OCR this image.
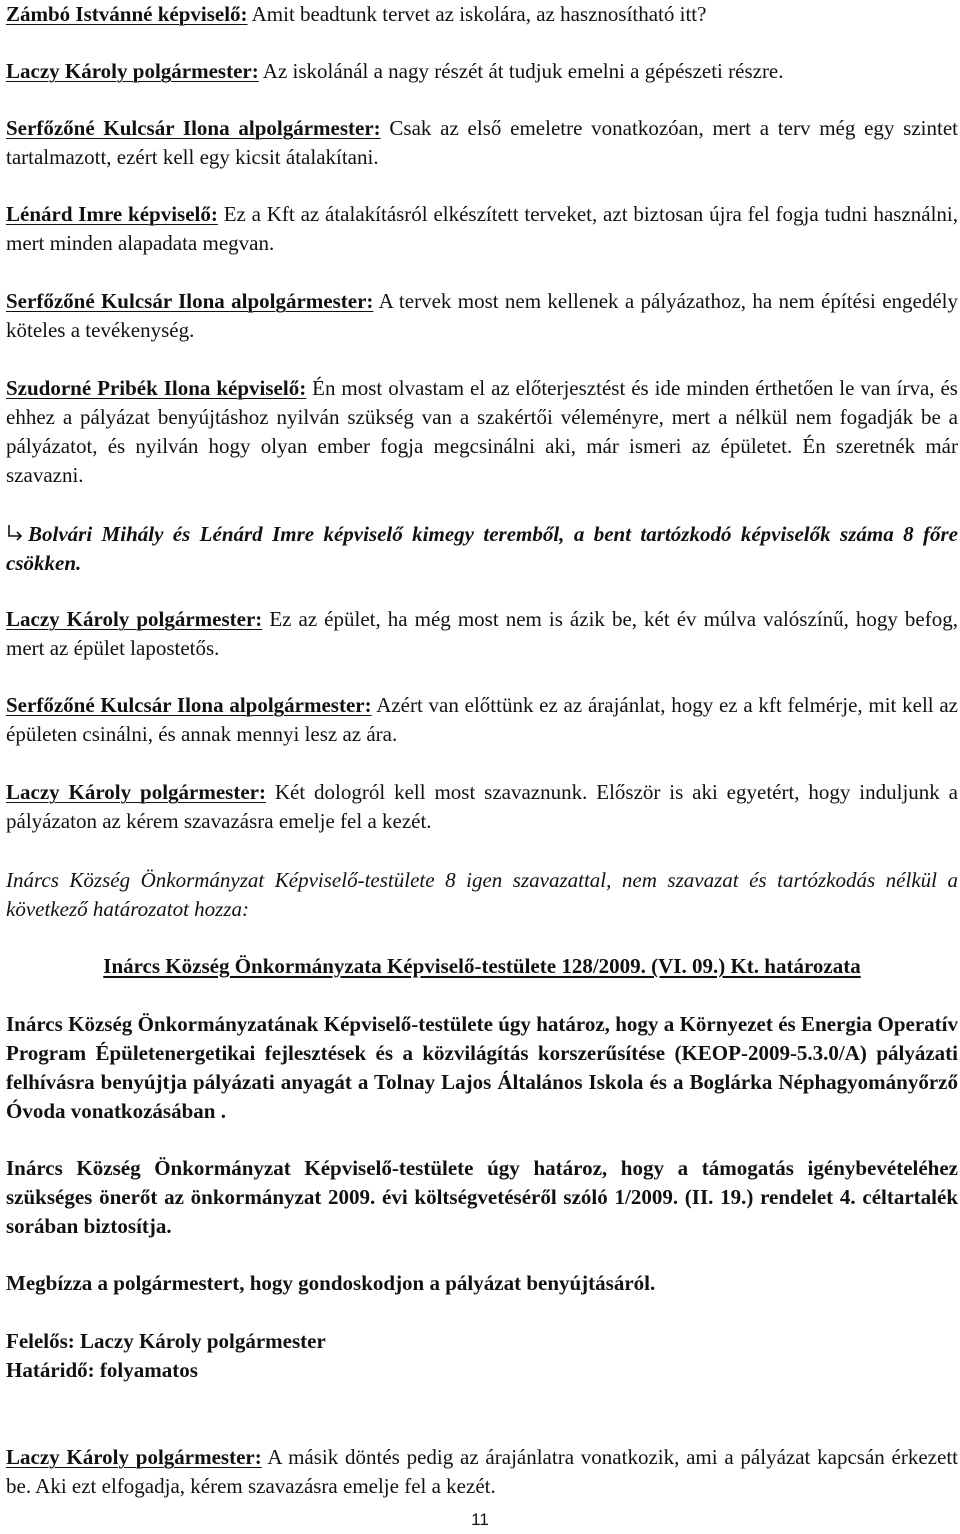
Zámbó Istvánné képviselő: Amit beadtunk tervet az iskolára, az hasznosítható itt?

Laczy Károly polgármester: Az iskolánál a nagy részét át tudjuk emelni a gépészeti részre.

Serfőzőné Kulcsár Ilona alpolgármester: Csak az első emeletre vonatkozóan, mert a terv még egy szintet tartalmazott, ezért kell egy kicsit átalakítani.

Lénárd Imre képviselő: Ez a Kft az átalakításról elkészített terveket, azt biztosan újra fel fogja tudni használni, mert minden alapadata megvan.

Serfőzőné Kulcsár Ilona alpolgármester: A tervek most nem kellenek a pályázathoz, ha nem építési engedély köteles a tevékenység.

Szudorné Pribék Ilona képviselő: Én most olvastam el az előterjesztést és ide minden érthetően le van írva, és ehhez a pályázat benyújtáshoz nyilván szükség van a szakértői véleményre, mert a nélkül nem fogadják be a pályázatot, és nyilván hogy olyan ember fogja megcsinálni aki, már ismeri az épületet. Én szeretnék már szavazni.

Bolvári Mihály és Lénárd Imre képviselő kimegy teremből, a bent tartózkodó képviselők száma 8 főre csökken.

Laczy Károly polgármester: Ez az épület, ha még most nem is ázik be, két év múlva valószínű, hogy befog, mert az épület lapostetős.

Serfőzőné Kulcsár Ilona alpolgármester: Azért van előttünk ez az árajánlat, hogy ez a kft felmérje, mit kell az épületen csinálni, és annak mennyi lesz az ára.

Laczy Károly polgármester: Két dologról kell most szavaznunk. Először is aki egyetért, hogy induljunk a pályázaton az kérem szavazásra emelje fel a kezét.

Inárcs Község Önkormányzat Képviselő-testülete 8 igen szavazattal, nem szavazat és tartózkodás nélkül a következő határozatot hozza:

Inárcs Község Önkormányzata Képviselő-testülete 128/2009. (VI. 09.) Kt. határozata

Inárcs Község Önkormányzatának Képviselő-testülete úgy határoz, hogy a Környezet és Energia Operatív Program Épületenergetikai fejlesztések és a közvilágítás korszerűsítése (KEOP-2009-5.3.0/A) pályázati felhívásra benyújtja pályázati anyagát a Tolnay Lajos Általános Iskola és a Boglárka Néphagyományőrző Óvoda vonatkozásában .

Inárcs Község Önkormányzat Képviselő-testülete úgy határoz, hogy a támogatás igénybevételéhez szükséges önerőt az önkormányzat 2009. évi költségvetéséről szóló 1/2009. (II. 19.) rendelet 4. céltartalék sorában biztosítja.

Megbízza a polgármestert, hogy gondoskodjon a pályázat benyújtásáról.

Felelős: Laczy Károly polgármester

Határidő: folyamatos

Laczy Károly polgármester: A másik döntés pedig az árajánlatra vonatkozik, ami a pályázat kapcsán érkezett be. Aki ezt elfogadja, kérem szavazásra emelje fel a kezét.

11
